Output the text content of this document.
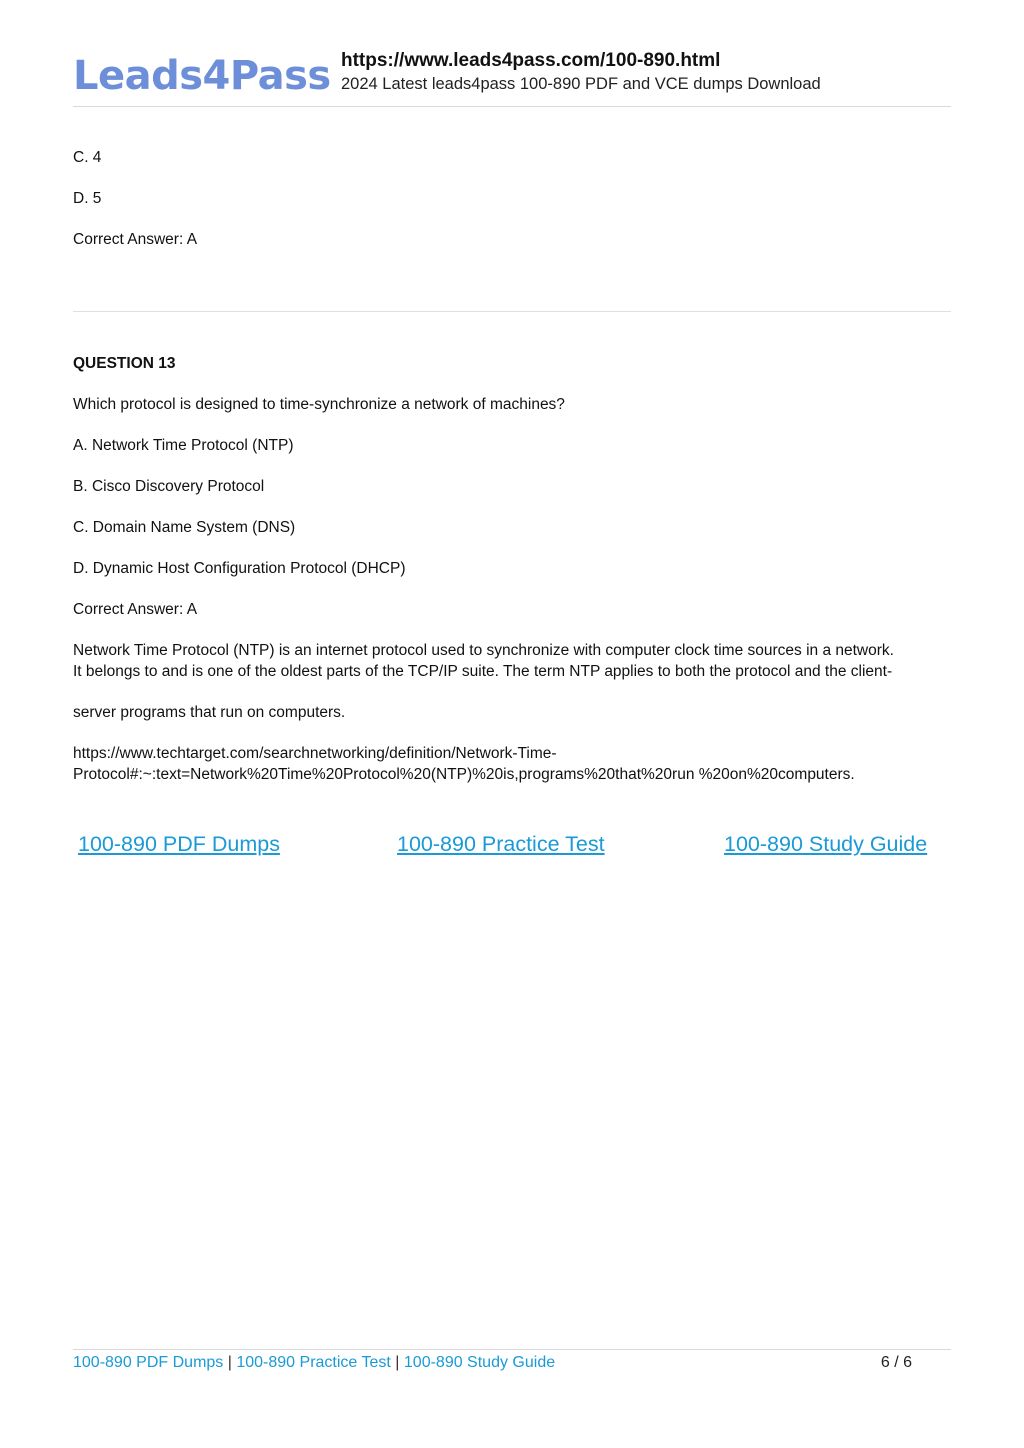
Leads4Pass https://www.leads4pass.com/100-890.html
2024 Latest leads4pass 100-890 PDF and VCE dumps Download

C. 4

D. 5

Correct Answer: A

QUESTION 13

Which protocol is designed to time-synchronize a network of machines?

A. Network Time Protocol (NTP)

B. Cisco Discovery Protocol

C. Domain Name System (DNS)

D. Dynamic Host Configuration Protocol (DHCP)

Correct Answer: A

Network Time Protocol (NTP) is an internet protocol used to synchronize with computer clock time sources in a network.

It belongs to and is one of the oldest parts of the TCP/IP suite. The term NTP applies to both the protocol and the client-

server programs that run on computers.

https://www.techtarget.com/searchnetworking/definition/Network-Time-

Protocol#:~:text=Network%20Time%20Protocol%20(NTP)%20is,programs%20that%20run %20on%20computers.

100-890 PDF Dumps	100-890 Practice Test	100-890 Study Guide
100-890 PDF Dumps | 100-890 Practice Test | 100-890 Study Guide	6 / 6
